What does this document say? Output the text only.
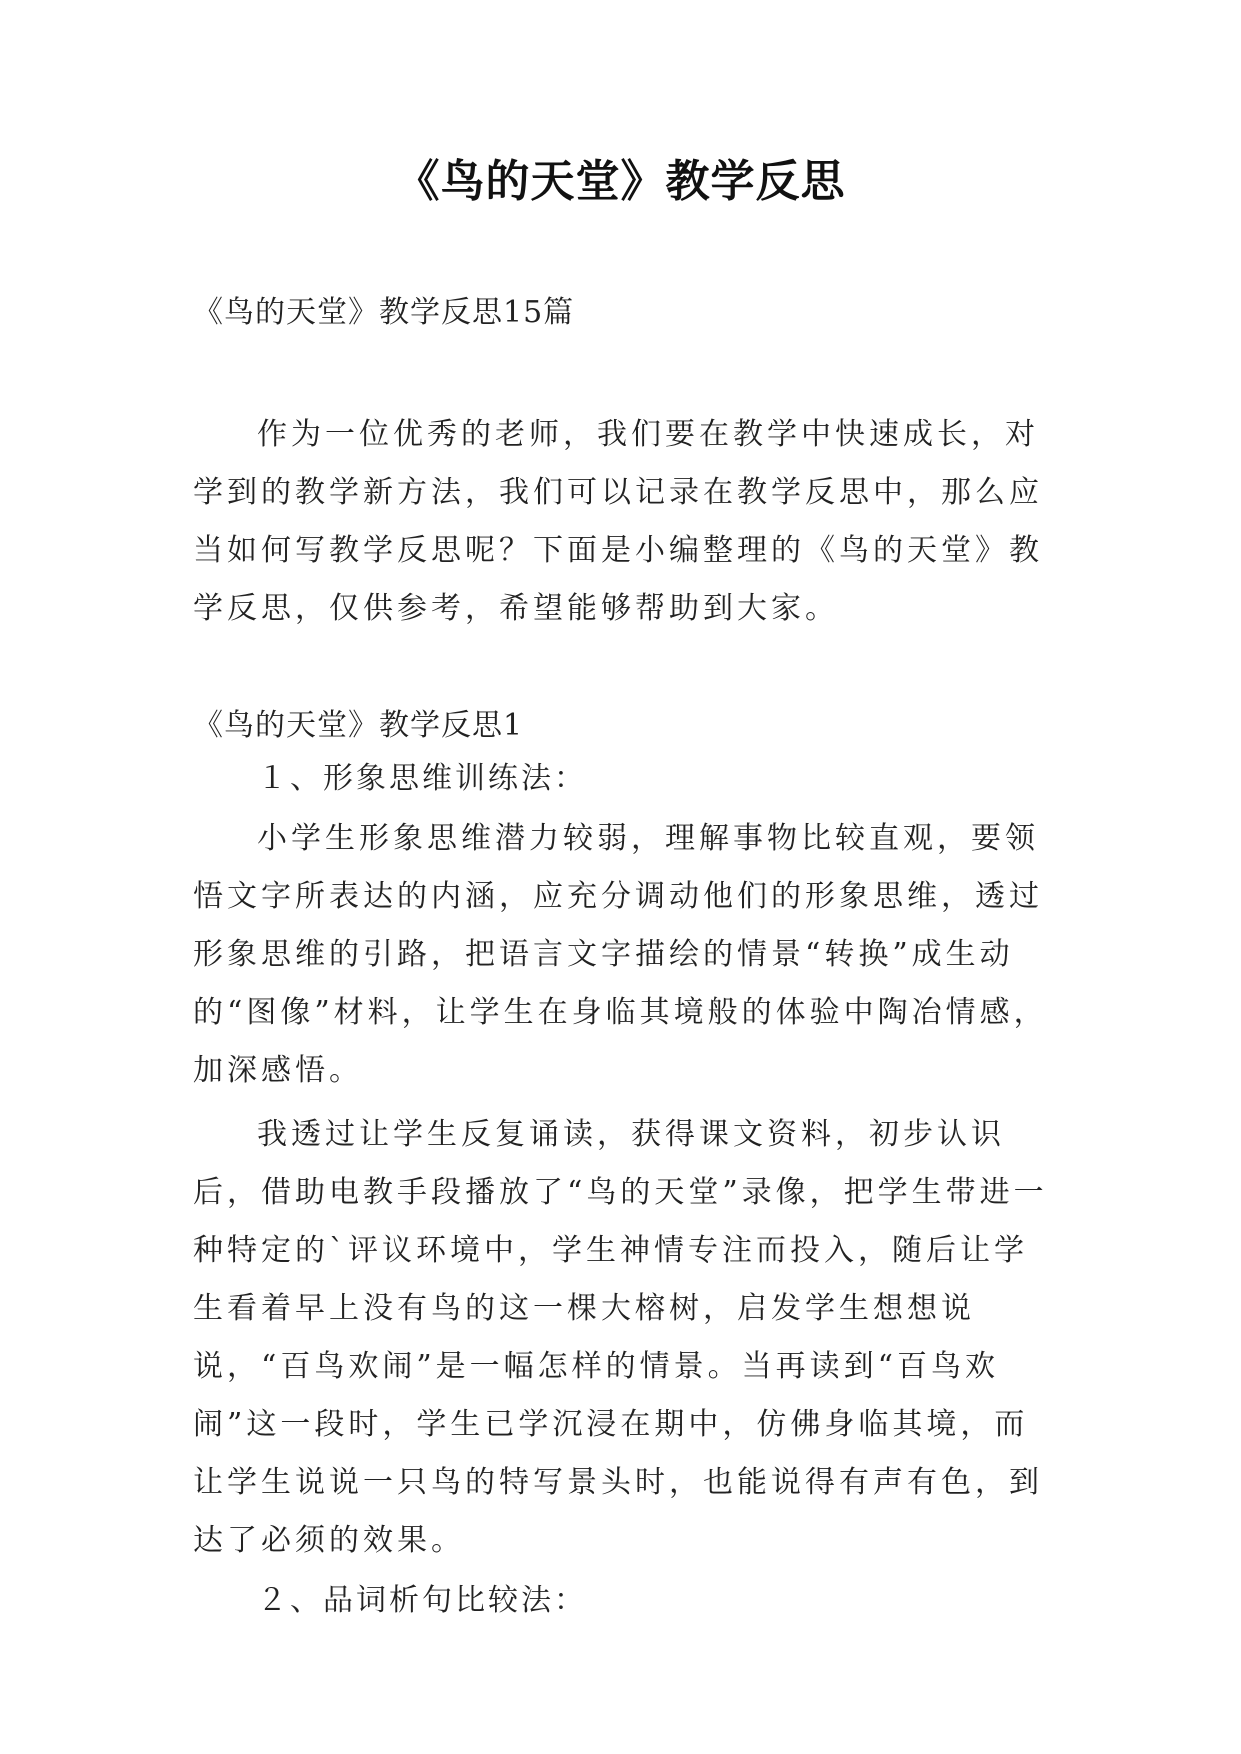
《鸟的天堂》教学反思
《鸟的天堂》教学反思15篇

作为一位优秀的老师，我们要在教学中快速成长，对学到的教学新方法，我们可以记录在教学反思中，那么应当如何写教学反思呢？下面是小编整理的《鸟的天堂》教学反思，仅供参考，希望能够帮助到大家。

《鸟的天堂》教学反思1
１、形象思维训练法：

小学生形象思维潜力较弱，理解事物比较直观，要领悟文字所表达的内涵，应充分调动他们的形象思维，透过形象思维的引路，把语言文字描绘的情景“转换”成生动的“图像”材料，让学生在身临其境般的体验中陶冶情感，加深感悟。

我透过让学生反复诵读，获得课文资料，初步认识后，借助电教手段播放了“鸟的天堂”录像，把学生带进一种特定的`评议环境中，学生神情专注而投入，随后让学生看着早上没有鸟的这一棵大榕树，启发学生想想说说，“百鸟欢闹”是一幅怎样的情景。当再读到“百鸟欢闹”这一段时，学生已学沉浸在期中，仿佛身临其境，而让学生说说一只鸟的特写景头时，也能说得有声有色，到达了必须的效果。

２、品词析句比较法：
